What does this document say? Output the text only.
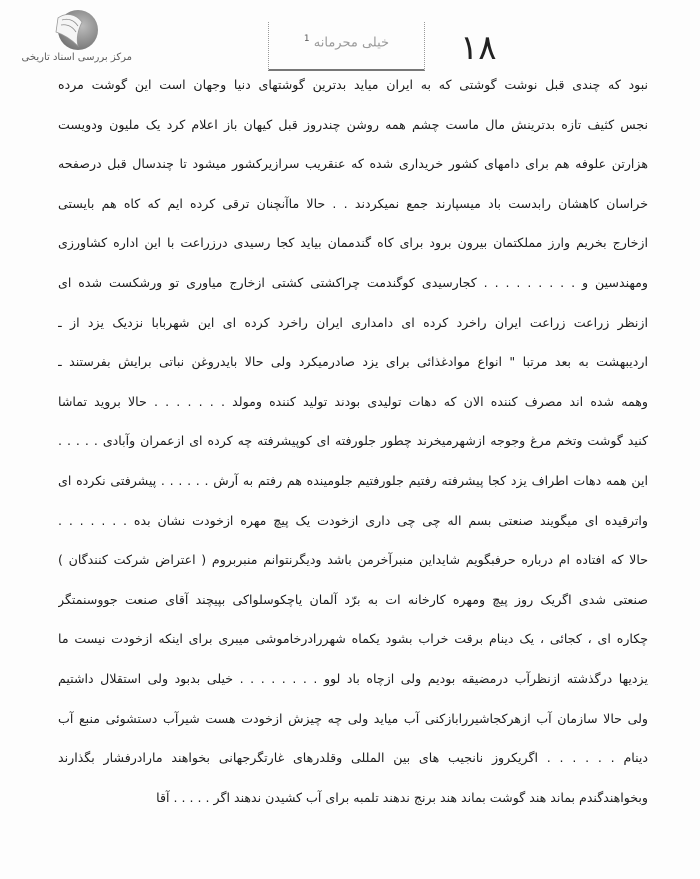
مرکز بررسی اسناد تاریخی
خیلی محرمانه $^1$	۱۸
نبود که چندی قبل نوشت گوشتی که به ایران میاید بدترین گوشتهای دنیا وجهان است این گوشت مرده
نجس کثیف تازه بدترینش مال ماست چشم همه روشن چندروز قبل کیهان باز اعلام کرد یک ملیون ودویست
هزارتن علوفه هم برای دامهای کشور خریداری شده که عنقریب سرازیرکشور میشود تا چندسال قبل درصفحه
خراسان کاهشان رابدست باد میسپارند جمع نمیکردند . . حالا ماآنچنان ترقی کرده ایم که کاه هم بایستی
ازخارج بخریم وارز مملکتمان بیرون برود برای کاه گندممان بیاید کجا رسیدی درزراعت با این اداره کشاورزی
ومهندسین و . . . . . . . . . کجارسیدی کوگندمت چراکشتی کشتی ازخارج میاوری تو ورشکست شده ای
ازنظر زراعت زراعت ایران راخرد کرده ای دامداری ایران راخرد کرده ای این شهربابا نزدیک یزد از ـ
اردیبهشت به بعد مرتبا " انواع موادغذائی برای یزد صادرمیکرد ولی حالا بایدروغن نباتی برایش بفرستند ـ
وهمه شده اند مصرف کننده الان که دهات تولیدی بودند تولید کننده ومولد . . . . . . . حالا بروید تماشا
کنید گوشت وتخم مرغ وجوجه ازشهرمیخرند چطور جلورفته ای کوپیشرفته چه کرده ای ازعمران وآبادی . . . . .
این همه دهات اطراف یزد کجا پیشرفته رفتیم جلورفتیم جلومینده هم رفتم به آرش . . . . . . پیشرفتی نکرده ای
واترقیده ای میگویند صنعتی بسم اله چی چی داری ازخودت یک پیچ مهره ازخودت نشان بده . . . . . . .
حالا که افتاده ام درباره حرفبگویم شایداین منبرآخرمن باشد ودیگرنتوانم منبربروم ( اعتراض شرکت کنندگان )
صنعتی شدی اگریک روز پیچ ومهره کارخانه ات به برّد آلمان یاچکوسلواکی بپیچند آقای صنعت جووسنمتگر
چکاره ای ، کجائی ، یک دینام برقت خراب بشود یکماه شهررادرخاموشی میبری برای اینکه ازخودت نیست ما
یزدیها درگذشته ازنظرآب درمضیقه بودیم ولی ازچاه باد لوو . . . . . . . . خیلی بدبود ولی استقلال داشتیم
ولی حالا سازمان آب ازهرکجاشیررابازکنی آب میاید ولی چه چیزش ازخودت هست شیرآب دستشوئی منبع آب
دینام . . . . . . اگریکروز نانجیب های بین المللی وقلدرهای غارتگرجهانی بخواهند مارادرفشار بگذارند
وبخواهندگندم بماند هند گوشت بماند هند برنج ندهند تلمبه برای آب کشیدن ندهند اگر . . . . . آقا
